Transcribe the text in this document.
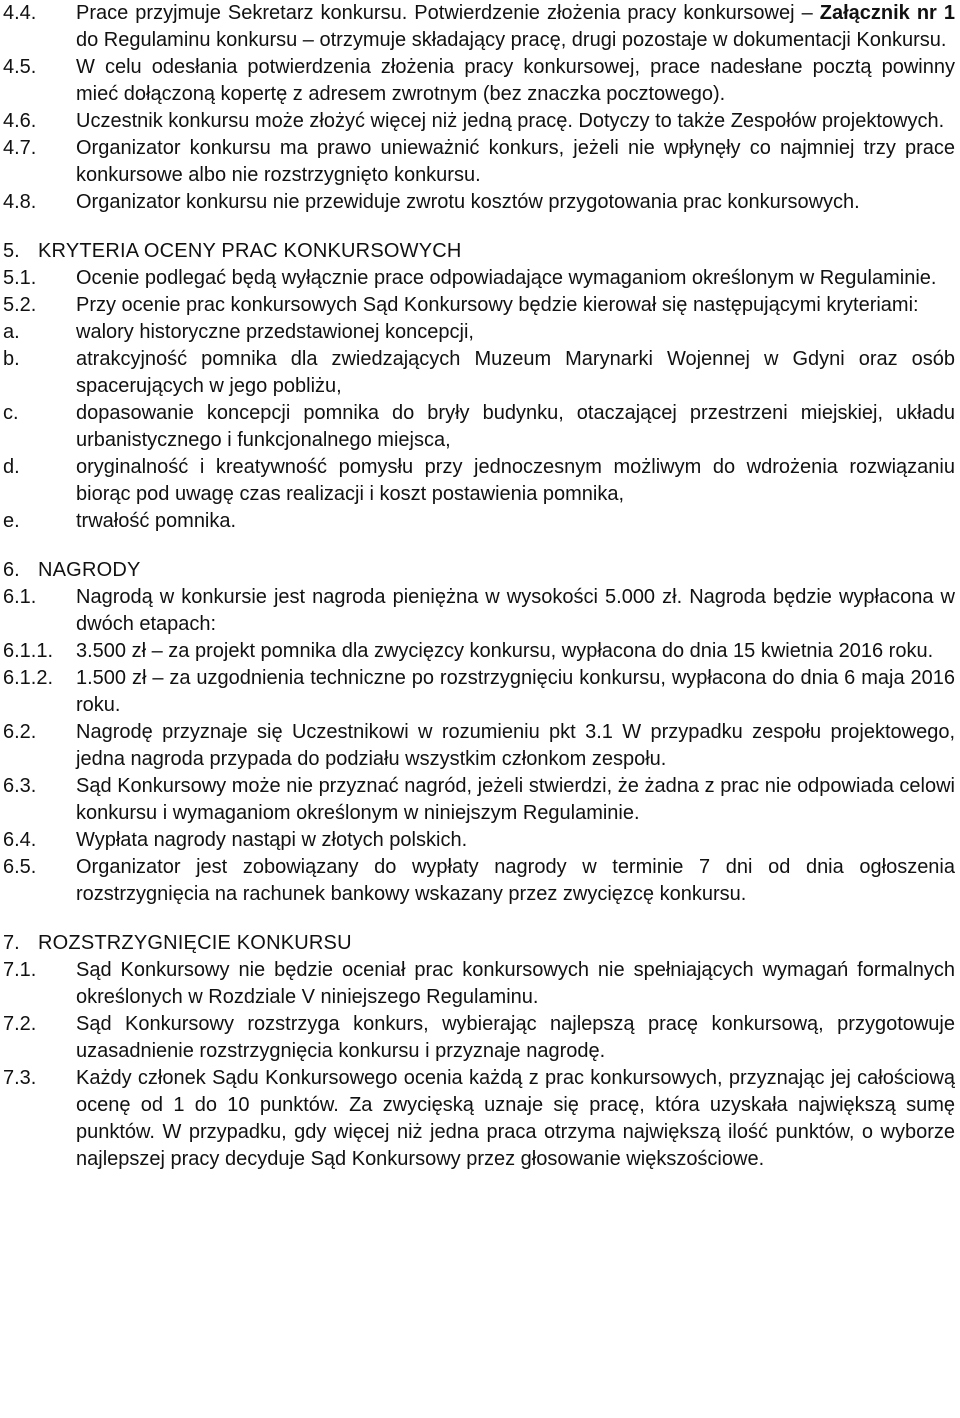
4.4.	Prace przyjmuje Sekretarz konkursu. Potwierdzenie złożenia pracy konkursowej – Załącznik nr 1 do Regulaminu konkursu – otrzymuje składający pracę, drugi pozostaje w dokumentacji Konkursu.
4.5.	W celu odesłania potwierdzenia złożenia pracy konkursowej, prace nadesłane pocztą powinny mieć dołączoną kopertę z adresem zwrotnym (bez znaczka pocztowego).
4.6.	Uczestnik konkursu może złożyć więcej niż jedną pracę. Dotyczy to także Zespołów projektowych.
4.7.	Organizator konkursu ma prawo unieważnić konkurs, jeżeli nie wpłynęły co najmniej trzy prace konkursowe albo nie rozstrzygnięto konkursu.
4.8.	Organizator konkursu nie przewiduje zwrotu kosztów przygotowania prac konkursowych.
5. KRYTERIA OCENY PRAC KONKURSOWYCH
5.1.	Ocenie podlegać będą wyłącznie prace odpowiadające wymaganiom określonym w Regulaminie.
5.2.	Przy ocenie prac konkursowych Sąd Konkursowy będzie kierował się następującymi kryteriami:
a.	walory historyczne przedstawionej koncepcji,
b.	atrakcyjność pomnika dla zwiedzających Muzeum Marynarki Wojennej w Gdyni oraz osób spacerujących w jego pobliżu,
c.	dopasowanie koncepcji pomnika do bryły budynku, otaczającej przestrzeni miejskiej, układu urbanistycznego i funkcjonalnego miejsca,
d.	oryginalność i kreatywność pomysłu przy jednoczesnym możliwym do wdrożenia rozwiązaniu biorąc pod uwagę czas realizacji i koszt postawienia pomnika,
e.	trwałość pomnika.
6. NAGRODY
6.1.	Nagrodą w konkursie jest nagroda pieniężna w wysokości 5.000 zł. Nagroda będzie wypłacona w dwóch etapach:
6.1.1.	3.500 zł – za projekt pomnika dla zwycięzcy konkursu, wypłacona do dnia 15 kwietnia 2016 roku.
6.1.2.	1.500 zł – za uzgodnienia techniczne po rozstrzygnięciu konkursu, wypłacona do dnia 6 maja 2016 roku.
6.2.	Nagrodę przyznaje się Uczestnikowi w rozumieniu pkt 3.1 W przypadku zespołu projektowego, jedna nagroda przypada do podziału wszystkim członkom zespołu.
6.3.	Sąd Konkursowy może nie przyznać nagród, jeżeli stwierdzi, że żadna z prac nie odpowiada celowi konkursu i wymaganiom określonym w niniejszym Regulaminie.
6.4.	Wypłata nagrody nastąpi w złotych polskich.
6.5.	Organizator jest zobowiązany do wypłaty nagrody w terminie 7 dni od dnia ogłoszenia rozstrzygnięcia na rachunek bankowy wskazany przez zwycięzcę konkursu.
7. ROZSTRZYGNIĘCIE KONKURSU
7.1.	Sąd Konkursowy nie będzie oceniał prac konkursowych nie spełniających wymagań formalnych określonych w Rozdziale V niniejszego Regulaminu.
7.2.	Sąd Konkursowy rozstrzyga konkurs, wybierając najlepszą pracę konkursową, przygotowuje uzasadnienie rozstrzygnięcia konkursu i przyznaje nagrodę.
7.3.	Każdy członek Sądu Konkursowego ocenia każdą z prac konkursowych, przyznając jej całościową ocenę od 1 do 10 punktów. Za zwycięską uznaje się pracę, która uzyskała największą sumę punktów. W przypadku, gdy więcej niż jedna praca otrzyma największą ilość punktów, o wyborze najlepszej pracy decyduje Sąd Konkursowy przez głosowanie większościowe.
